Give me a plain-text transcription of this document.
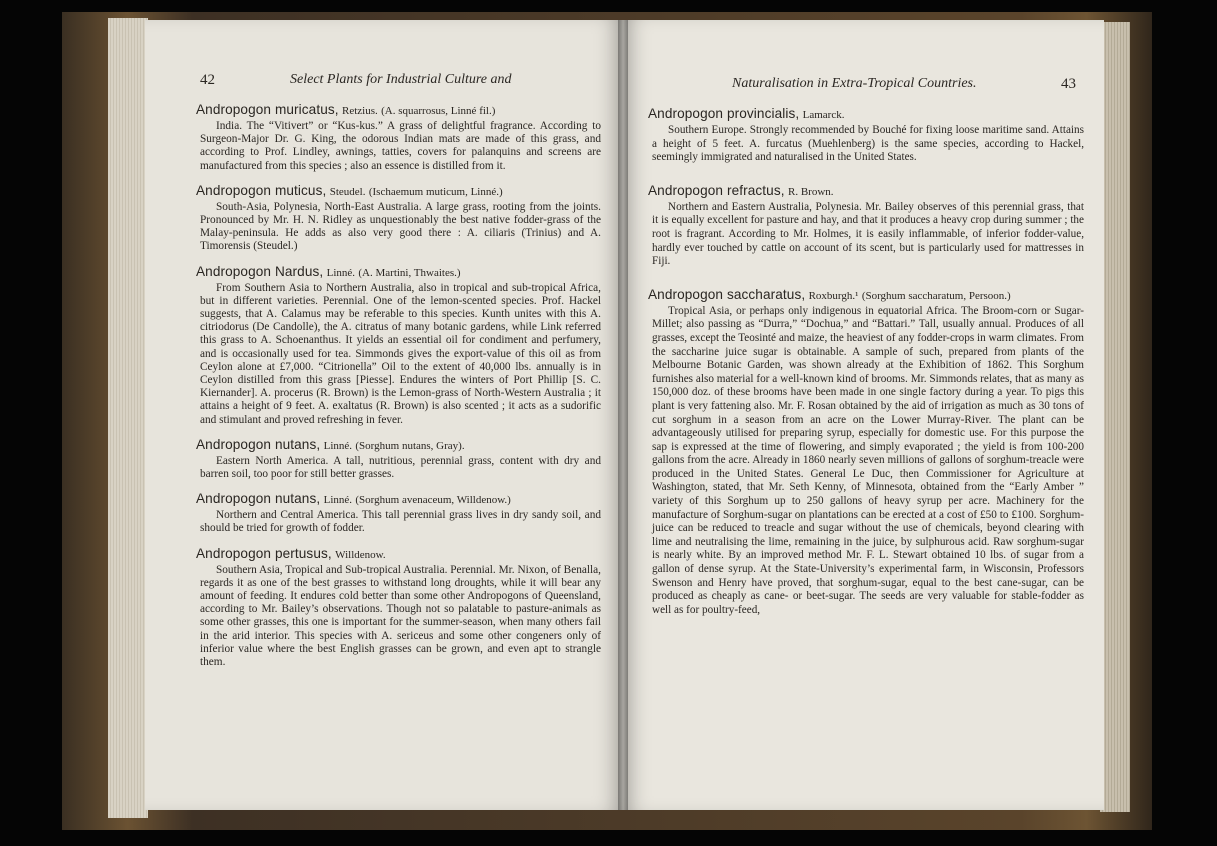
42	Select Plants for Industrial Culture and
Andropogon muricatus, Retzius. (A. squarrosus, Linné fil.)

India. The “Vitivert” or “Kus-kus.” A grass of delightful fragrance. According to Surgeon-Major Dr. G. King, the odorous Indian mats are made of this grass, and according to Prof. Lindley, awnings, tatties, covers for palanquins and screens are manufactured from this species ; also an essence is distilled from it.

Andropogon muticus, Steudel. (Ischaemum muticum, Linné.)

South-Asia, Polynesia, North-East Australia. A large grass, rooting from the joints. Pronounced by Mr. H. N. Ridley as unquestionably the best native fodder-grass of the Malay-peninsula. He adds as also very good there : A. ciliaris (Trinius) and A. Timorensis (Steudel.)

Andropogon Nardus, Linné. (A. Martini, Thwaites.)

From Southern Asia to Northern Australia, also in tropical and sub-tropical Africa, but in different varieties. Perennial. One of the lemon-scented species. Prof. Hackel suggests, that A. Calamus may be referable to this species. Kunth unites with this A. citriodorus (De Candolle), the A. citratus of many botanic gardens, while Link referred this grass to A. Schoenanthus. It yields an essential oil for condiment and perfumery, and is occasionally used for tea. Simmonds gives the export-value of this oil as from Ceylon alone at £7,000. “Citrionella” Oil to the extent of 40,000 lbs. annually is in Ceylon distilled from this grass [Piesse]. Endures the winters of Port Phillip [S. C. Kiernander]. A. procerus (R. Brown) is the Lemon-grass of North-Western Australia ; it attains a height of 9 feet. A. exaltatus (R. Brown) is also scented ; it acts as a sudorific and stimulant and proved refreshing in fever.

Andropogon nutans, Linné. (Sorghum nutans, Gray).

Eastern North America. A tall, nutritious, perennial grass, content with dry and barren soil, too poor for still better grasses.

Andropogon nutans, Linné. (Sorghum avenaceum, Willdenow.)

Northern and Central America. This tall perennial grass lives in dry sandy soil, and should be tried for growth of fodder.

Andropogon pertusus, Willdenow.

Southern Asia, Tropical and Sub-tropical Australia. Perennial. Mr. Nixon, of Benalla, regards it as one of the best grasses to withstand long droughts, while it will bear any amount of feeding. It endures cold better than some other Andropogons of Queensland, according to Mr. Bailey’s observations. Though not so palatable to pasture-animals as some other grasses, this one is important for the summer-season, when many others fail in the arid interior. This species with A. sericeus and some other congeners only of inferior value where the best English grasses can be grown, and even apt to strangle them.

Naturalisation in Extra-Tropical Countries.	43
Andropogon provincialis, Lamarck.

Southern Europe. Strongly recommended by Bouché for fixing loose maritime sand. Attains a height of 5 feet. A. furcatus (Muehlenberg) is the same species, according to Hackel, seemingly immigrated and naturalised in the United States.

Andropogon refractus, R. Brown.

Northern and Eastern Australia, Polynesia. Mr. Bailey observes of this perennial grass, that it is equally excellent for pasture and hay, and that it produces a heavy crop during summer ; the root is fragrant. According to Mr. Holmes, it is easily inflammable, of inferior fodder-value, hardly ever touched by cattle on account of its scent, but is particularly used for mattresses in Fiji.

Andropogon saccharatus, Roxburgh.¹ (Sorghum saccharatum, Persoon.)

Tropical Asia, or perhaps only indigenous in equatorial Africa. The Broom-corn or Sugar-Millet; also passing as “Durra,” “Dochua,” and “Battari.” Tall, usually annual. Produces of all grasses, except the Teosinté and maize, the heaviest of any fodder-crops in warm climates. From the saccharine juice sugar is obtainable. A sample of such, prepared from plants of the Melbourne Botanic Garden, was shown already at the Exhibition of 1862. This Sorghum furnishes also material for a well-known kind of brooms. Mr. Simmonds relates, that as many as 150,000 doz. of these brooms have been made in one single factory during a year. To pigs this plant is very fattening also. Mr. F. Rosan obtained by the aid of irrigation as much as 30 tons of cut sorghum in a season from an acre on the Lower Murray-River. The plant can be advantageously utilised for preparing syrup, especially for domestic use. For this purpose the sap is expressed at the time of flowering, and simply evaporated ; the yield is from 100-200 gallons from the acre. Already in 1860 nearly seven millions of gallons of sorghum-treacle were produced in the United States. General Le Duc, then Commissioner for Agriculture at Washington, stated, that Mr. Seth Kenny, of Minnesota, obtained from the “Early Amber ” variety of this Sorghum up to 250 gallons of heavy syrup per acre. Machinery for the manufacture of Sorghum-sugar on plantations can be erected at a cost of £50 to £100. Sorghum-juice can be reduced to treacle and sugar without the use of chemicals, beyond clearing with lime and neutralising the lime, remaining in the juice, by sulphurous acid. Raw sorghum-sugar is nearly white. By an improved method Mr. F. L. Stewart obtained 10 lbs. of sugar from a gallon of dense syrup. At the State-University’s experimental farm, in Wisconsin, Professors Swenson and Henry have proved, that sorghum-sugar, equal to the best cane-sugar, can be produced as cheaply as cane- or beet-sugar. The seeds are very valuable for stable-fodder as well as for poultry-feed,
